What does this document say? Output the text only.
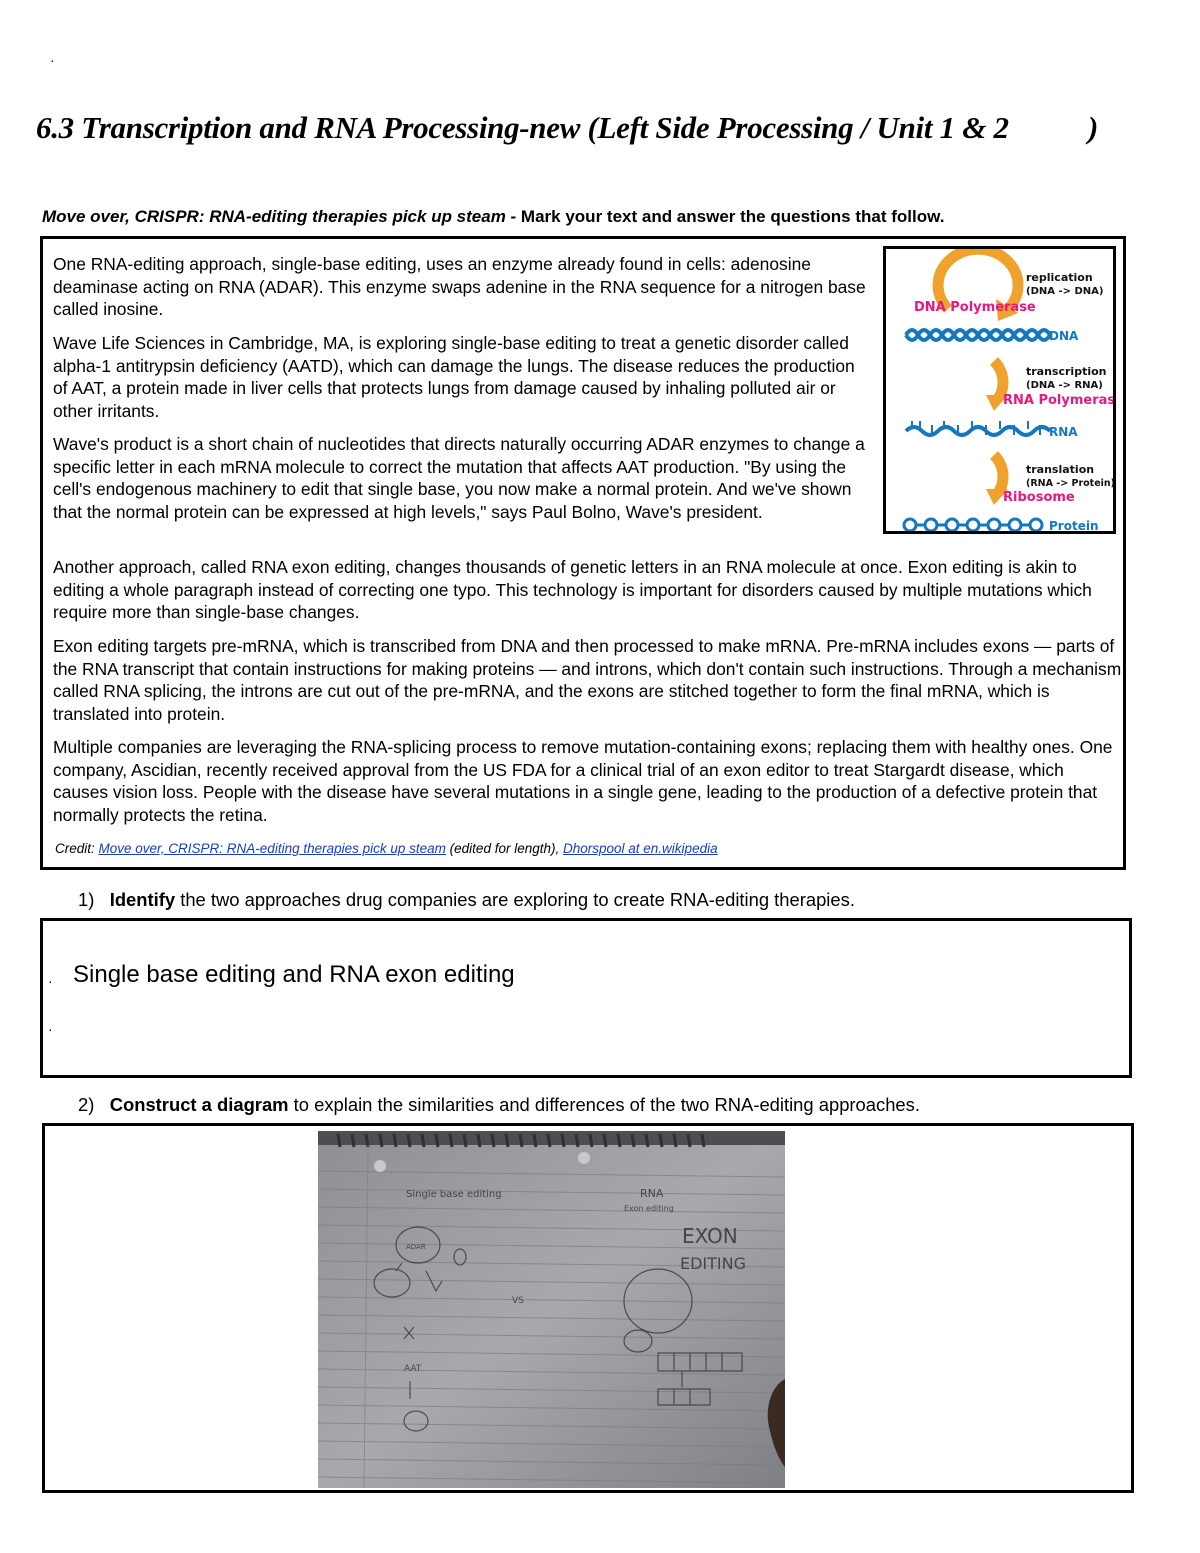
·
6.3 Transcription and RNA Processing-new (Left Side Processing / Unit 1 & 2	)
Move over, CRISPR: RNA-editing therapies pick up steam - Mark your text and answer the questions that follow.

One RNA-editing approach, single-base editing, uses an enzyme already found in cells: adenosine deaminase acting on RNA (ADAR). This enzyme swaps adenine in the RNA sequence for a nitrogen base called inosine.

Wave Life Sciences in Cambridge, MA, is exploring single-base editing to treat a genetic disorder called alpha-1 antitrypsin deficiency (AATD), which can damage the lungs. The disease reduces the production of AAT, a protein made in liver cells that protects lungs from damage caused by inhaling polluted air or other irritants.

Wave's product is a short chain of nucleotides that directs naturally occurring ADAR enzymes to change a specific letter in each mRNA molecule to correct the mutation that affects AAT production. "By using the cell's endogenous machinery to edit that single base, you now make a normal protein. And we've shown that the normal protein can be expressed at high levels," says Paul Bolno, Wave's president.

Another approach, called RNA exon editing, changes thousands of genetic letters in an RNA molecule at once. Exon editing is akin to editing a whole paragraph instead of correcting one typo. This technology is important for disorders caused by multiple mutations which require more than single-base changes.

Exon editing targets pre-mRNA, which is transcribed from DNA and then processed to make mRNA. Pre-mRNA includes exons — parts of the RNA transcript that contain instructions for making proteins — and introns, which don't contain such instructions. Through a mechanism called RNA splicing, the introns are cut out of the pre-mRNA, and the exons are stitched together to form the final mRNA, which is translated into protein.

Multiple companies are leveraging the RNA-splicing process to remove mutation-containing exons; replacing them with healthy ones. One company, Ascidian, recently received approval from the US FDA for a clinical trial of an exon editor to treat Stargardt disease, which causes vision loss. People with the disease have several mutations in a single gene, leading to the production of a defective protein that normally protects the retina.

Credit: Move over, CRISPR: RNA-editing therapies pick up steam (edited for length), Dhorspool at en.wikipedia
replication
(DNA -> DNA)
DNA Polymerase
DNA
transcription
(DNA -> RNA)
RNA Polymerase
RNA
translation
(RNA -> Protein)
Ribosome
Protein
1) Identify the two approaches drug companies are exploring to create RNA-editing therapies.
· Single base editing and RNA exon editing
·
2) Construct a diagram to explain the similarities and differences of the two RNA-editing approaches.
Single base editing	RNA
Exon editing
EXON
EDITING
VS
AAT
ADAR
